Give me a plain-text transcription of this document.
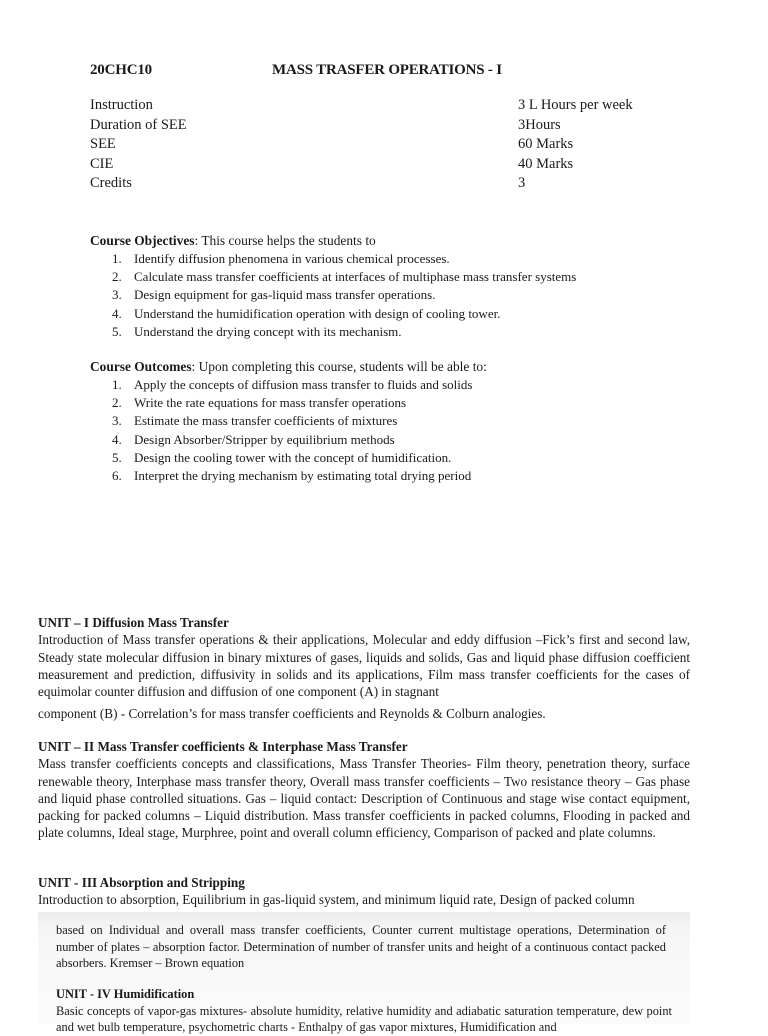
20CHC10	MASS TRASFER OPERATIONS - I
Instruction	3 L Hours per week
Duration of SEE	3Hours
SEE	60 Marks
CIE	40 Marks
Credits	3
Course Objectives: This course helps the students to
1. Identify diffusion phenomena in various chemical processes.
2. Calculate mass transfer coefficients at interfaces of multiphase mass transfer systems
3. Design equipment for gas-liquid mass transfer operations.
4. Understand the humidification operation with design of cooling tower.
5. Understand the drying concept with its mechanism.
Course Outcomes: Upon completing this course, students will be able to:
1. Apply the concepts of diffusion mass transfer to fluids and solids
2. Write the rate equations for mass transfer operations
3. Estimate the mass transfer coefficients of mixtures
4. Design Absorber/Stripper by equilibrium methods
5. Design the cooling tower with the concept of humidification.
6. Interpret the drying mechanism by estimating total drying period
UNIT – I Diffusion Mass Transfer

Introduction of Mass transfer operations & their applications, Molecular and eddy diffusion –Fick’s first and second law, Steady state molecular diffusion in binary mixtures of gases, liquids and solids, Gas and liquid phase diffusion coefficient measurement and prediction, diffusivity in solids and its applications, Film mass transfer coefficients for the cases of equimolar counter diffusion and diffusion of one component (A) in stagnant

component (B) - Correlation’s for mass transfer coefficients and Reynolds & Colburn analogies.
UNIT – II Mass Transfer coefficients & Interphase Mass Transfer

Mass transfer coefficients concepts and classifications, Mass Transfer Theories- Film theory, penetration theory, surface renewable theory, Interphase mass transfer theory, Overall mass transfer coefficients – Two resistance theory – Gas phase and liquid phase controlled situations. Gas – liquid contact: Description of Continuous and stage wise contact equipment, packing for packed columns – Liquid distribution. Mass transfer coefficients in packed columns, Flooding in packed and plate columns, Ideal stage, Murphree, point and overall column efficiency, Comparison of packed and plate columns.

UNIT - III Absorption and Stripping

Introduction to absorption, Equilibrium in gas-liquid system, and minimum liquid rate, Design of packed column

based on Individual and overall mass transfer coefficients, Counter current multistage operations, Determination of number of plates – absorption factor. Determination of number of transfer units and height of a continuous contact packed absorbers. Kremser – Brown equation

UNIT - IV Humidification
Basic concepts of vapor-gas mixtures- absolute humidity, relative humidity and adiabatic saturation temperature, dew point and wet bulb temperature, psychometric charts - Enthalpy of gas vapor mixtures, Humidification and
